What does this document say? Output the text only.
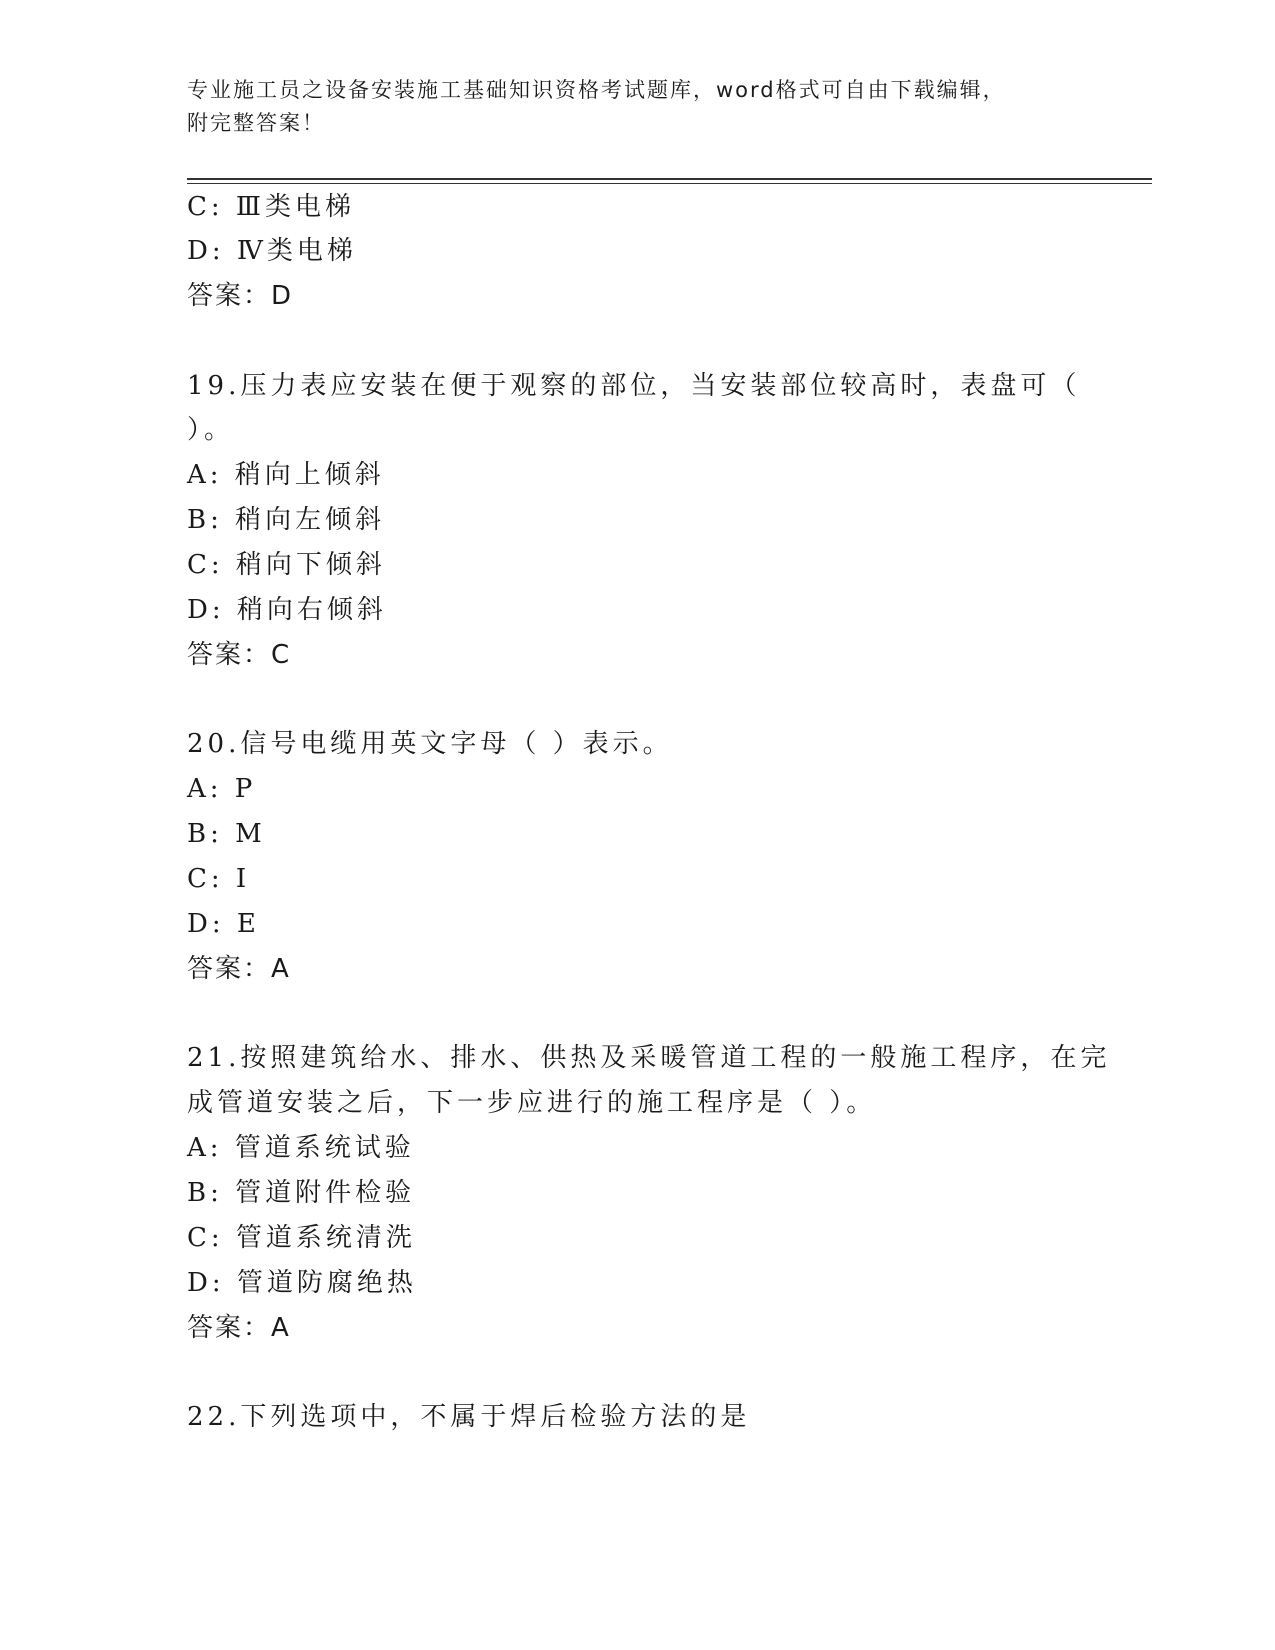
专业施工员之设备安装施工基础知识资格考试题库，word格式可自由下载编辑，
附完整答案！
C: Ⅲ类电梯
D: Ⅳ类电梯
答案：D
19.压力表应安装在便于观察的部位，当安装部位较高时，表盘可（
）。
A: 稍向上倾斜
B: 稍向左倾斜
C: 稍向下倾斜
D: 稍向右倾斜
答案：C
20.信号电缆用英文字母（ ）表示。
A: P
B: M
C: I
D: E
答案：A
21.按照建筑给水、排水、供热及采暖管道工程的一般施工程序，在完
成管道安装之后，下一步应进行的施工程序是（ ）。
A: 管道系统试验
B: 管道附件检验
C: 管道系统清洗
D: 管道防腐绝热
答案：A
22.下列选项中，不属于焊后检验方法的是
